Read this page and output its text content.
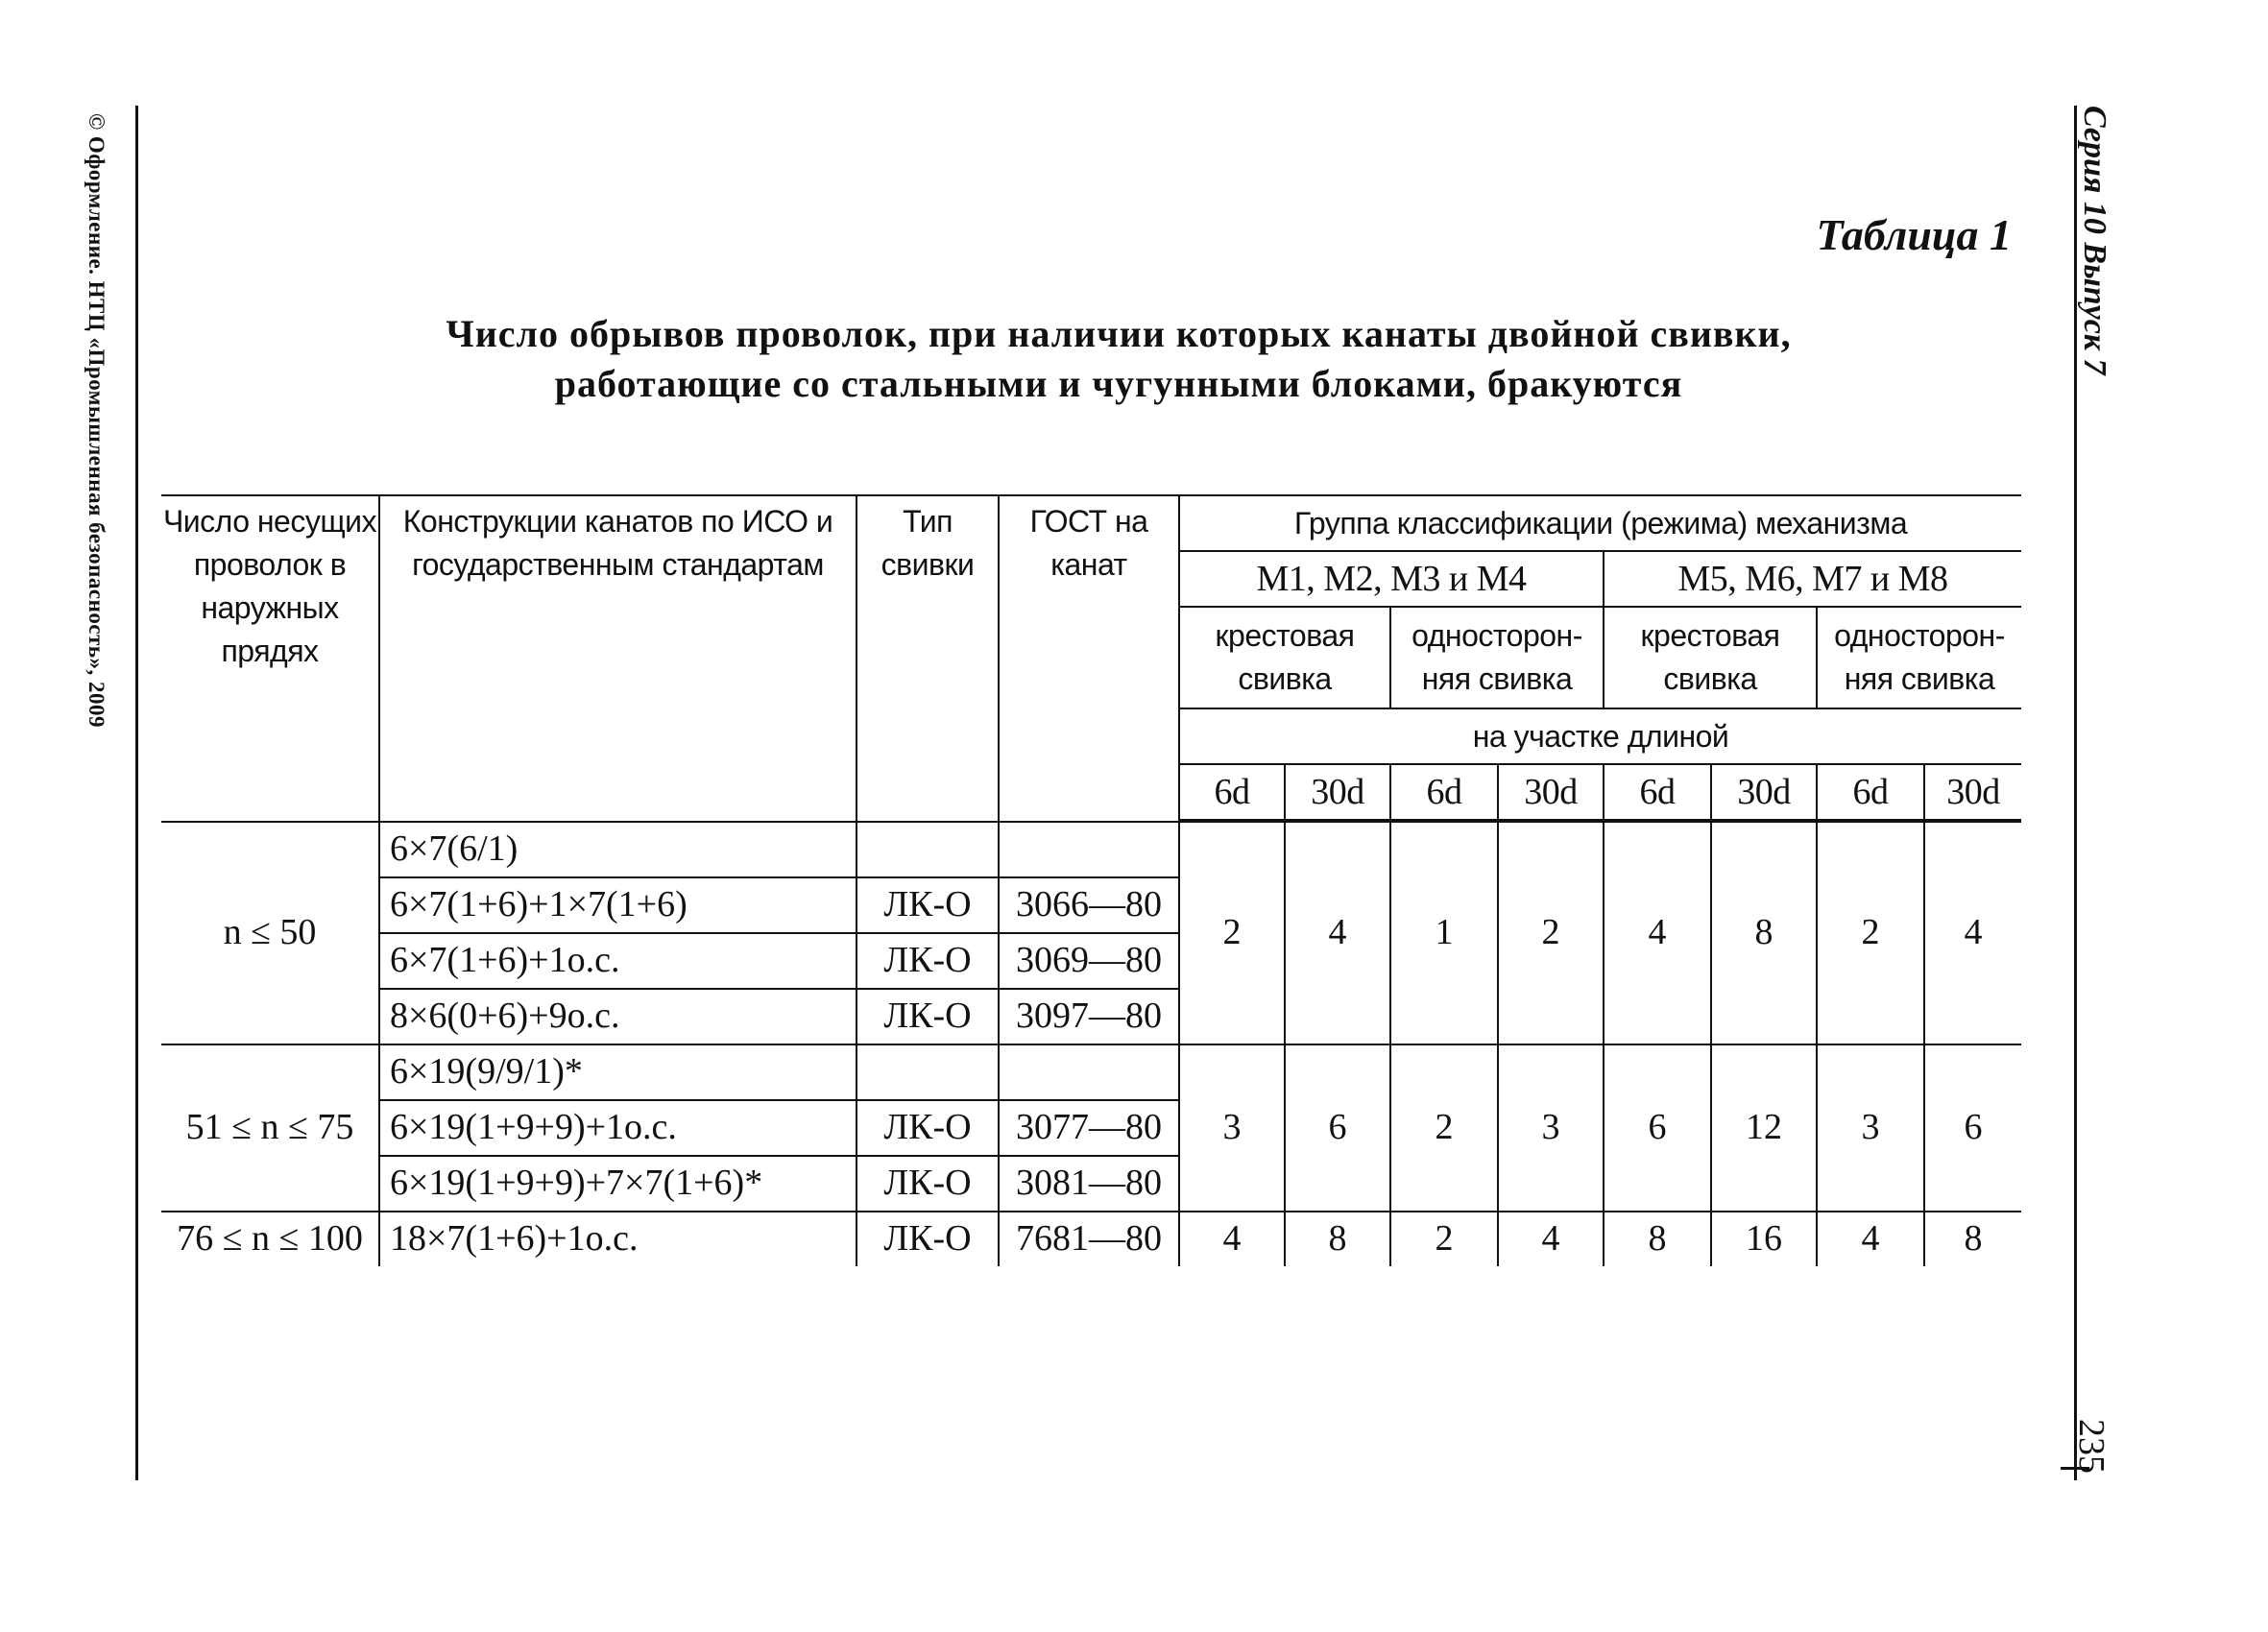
© Оформление. НТЦ «Промышленная безопасность», 2009	Серия 10 Выпуск 7
235
Таблица 1
Число обрывов проволок, при наличии которых канаты двойной свивки,
работающие со стальными и чугунными блоками, бракуются
Число несущих проволок в наружных прядях	Конструкции канатов по ИСО и государственным стандартам	Тип свивки	ГОСТ на канат	Группа классификации (режима) механизма							
				M1, M2, M3 и M4				M5, M6, M7 и M8			
				крестовая свивка		односторон-няя свивка		крестовая свивка		односторон-няя свивка	
				на участке длиной							
				6d	30d	6d	30d	6d	30d	6d	30d

n ≤ 50	6×7(6/1)			2	4	1	2	4	8	2	4
	6×7(1+6)+1×7(1+6)	ЛК-О	3066—80								
	6×7(1+6)+1о.с.	ЛК-О	3069—80								
	8×6(0+6)+9о.с.	ЛК-О	3097—80								
51 ≤ n ≤ 75	6×19(9/9/1)*			3	6	2	3	6	12	3	6
	6×19(1+9+9)+1о.с.	ЛК-О	3077—80								
	6×19(1+9+9)+7×7(1+6)*	ЛК-О	3081—80								
76 ≤ n ≤ 100	18×7(1+6)+1о.с.	ЛК-О	7681—80	4	8	2	4	8	16	4	8
